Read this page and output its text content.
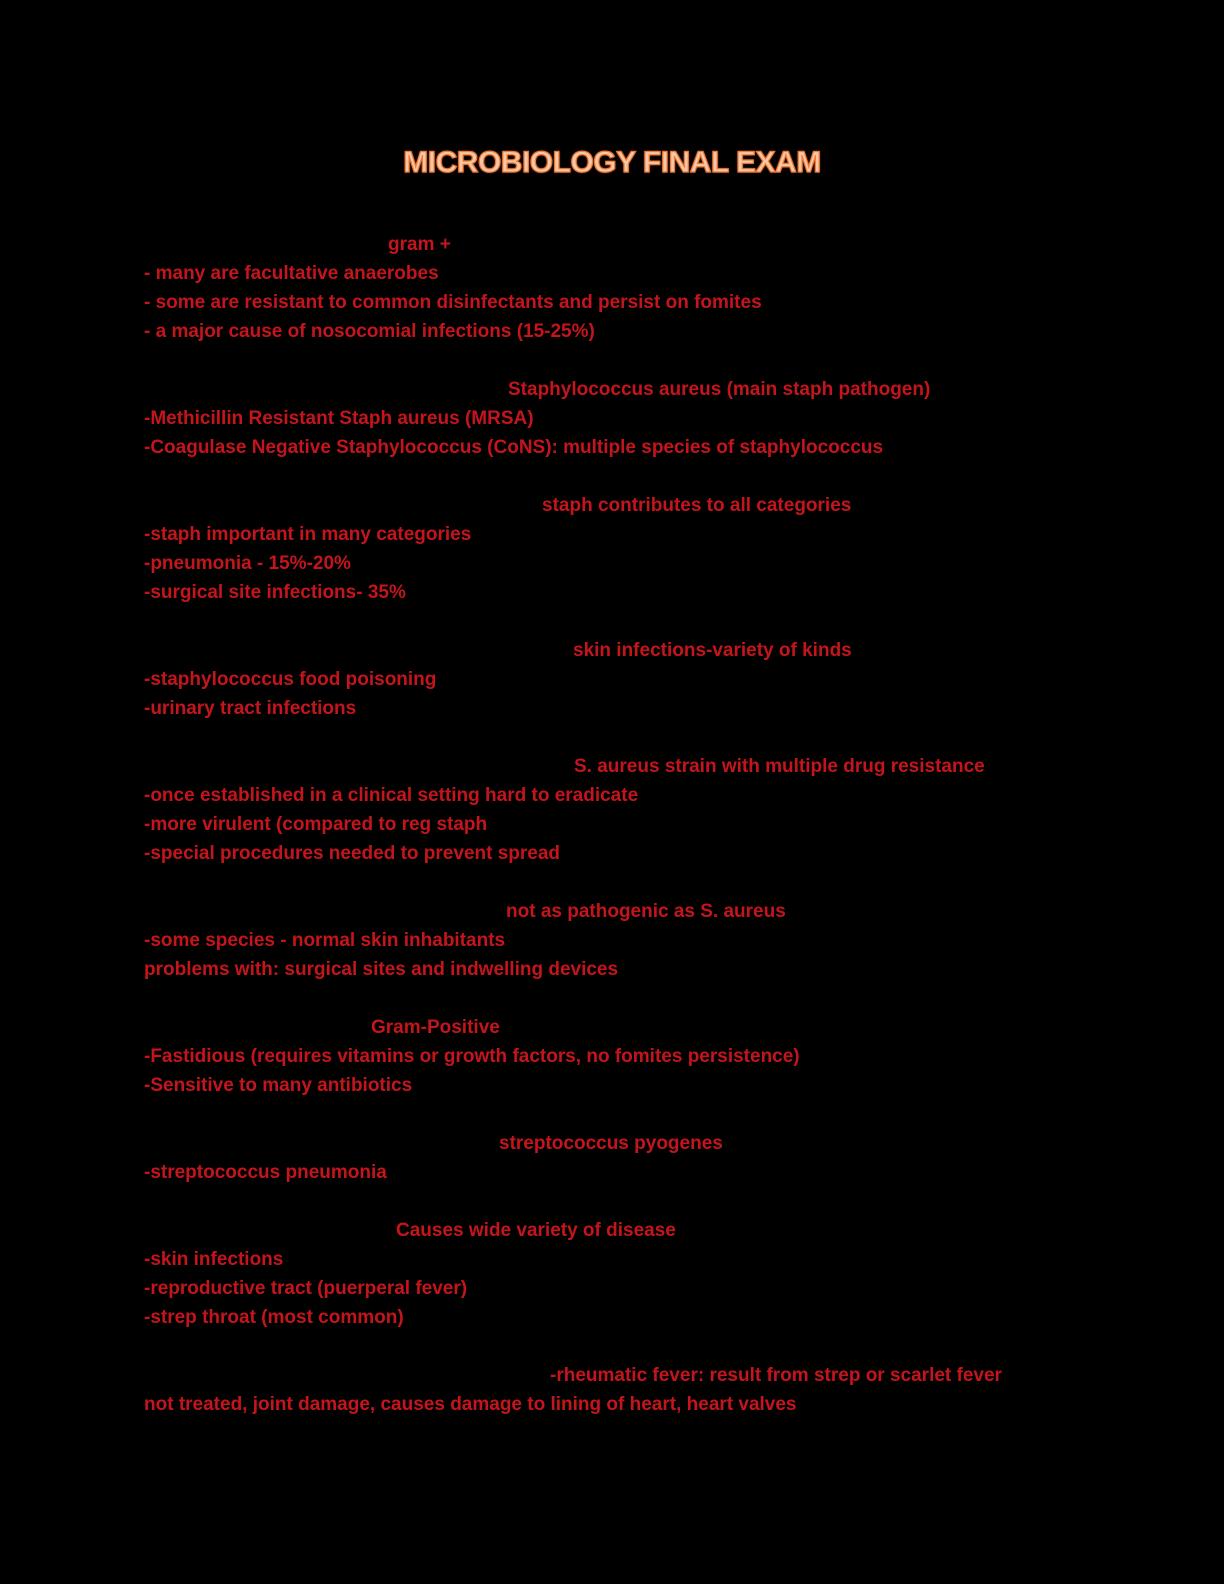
MICROBIOLOGY FINAL EXAM
gram +
- many are facultative anaerobes
- some are resistant to common disinfectants and persist on fomites
- a major cause of nosocomial infections (15-25%)
Staphylococcus aureus (main staph pathogen)
-Methicillin Resistant Staph aureus (MRSA)
-Coagulase Negative Staphylococcus (CoNS): multiple species of staphylococcus
staph contributes to all categories
-staph important in many categories
-pneumonia - 15%-20%
-surgical site infections- 35%
skin infections-variety of kinds
-staphylococcus food poisoning
-urinary tract infections
S. aureus strain with multiple drug resistance
-once established in a clinical setting hard to eradicate
-more virulent (compared to reg staph
-special procedures needed to prevent spread
not as pathogenic as S. aureus
-some species - normal skin inhabitants
problems with: surgical sites and indwelling devices
Gram-Positive
-Fastidious (requires vitamins or growth factors, no fomites persistence)
-Sensitive to many antibiotics
streptococcus pyogenes
-streptococcus pneumonia
Causes wide variety of disease
-skin infections
-reproductive tract (puerperal fever)
-strep throat (most common)
-rheumatic fever: result from strep or scarlet fever
not treated, joint damage, causes damage to lining of heart, heart valves
